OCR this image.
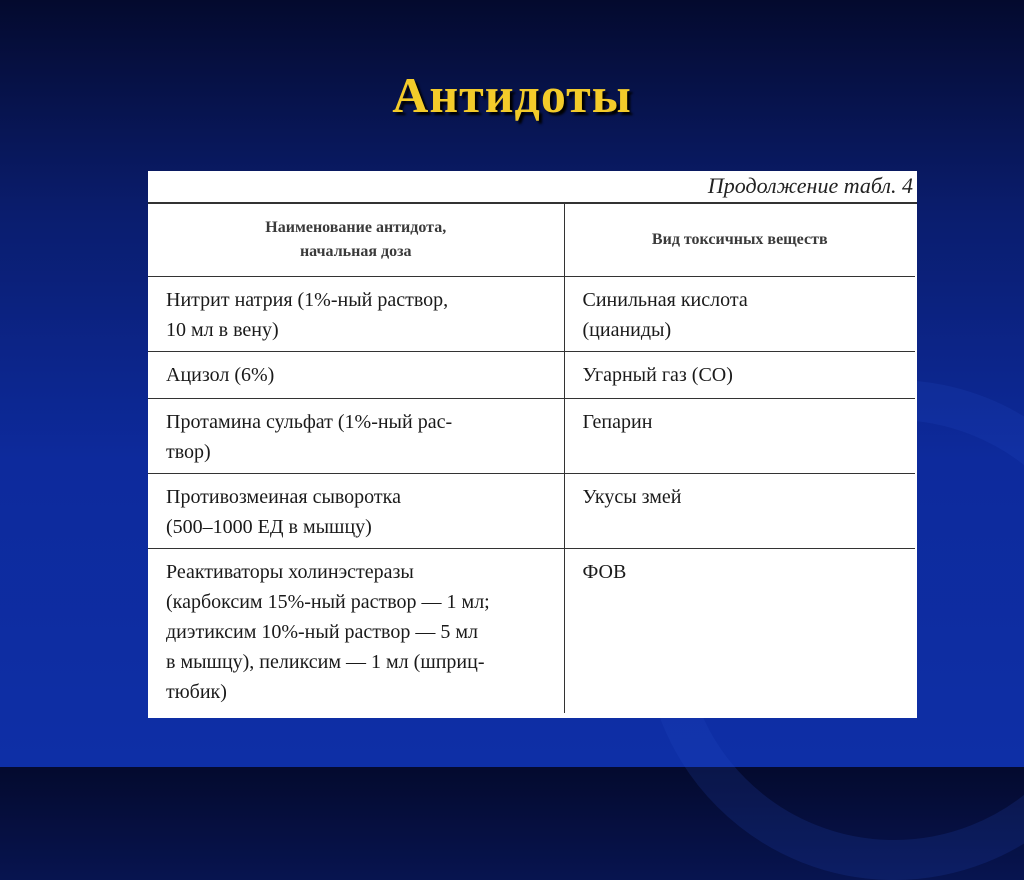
Антидоты
Продолжение табл. 4
Наименование антидота,
начальная доза	Вид токсичных веществ

Нитрит натрия (1%-ный раствор,
10 мл в вену)	Синильная кислота
(цианиды)

Ацизол (6%)	Угарный газ (СО)

Протамина сульфат (1%-ный рас-
твор)	Гепарин

Противозмеиная сыворотка
(500–1000 ЕД в мышцу)	Укусы змей

Реактиваторы холинэстеразы
(карбоксим 15%-ный раствор — 1 мл;
диэтиксим 10%-ный раствор — 5 мл
в мышцу), пеликсим — 1 мл (шприц-
тюбик)	ФОВ
